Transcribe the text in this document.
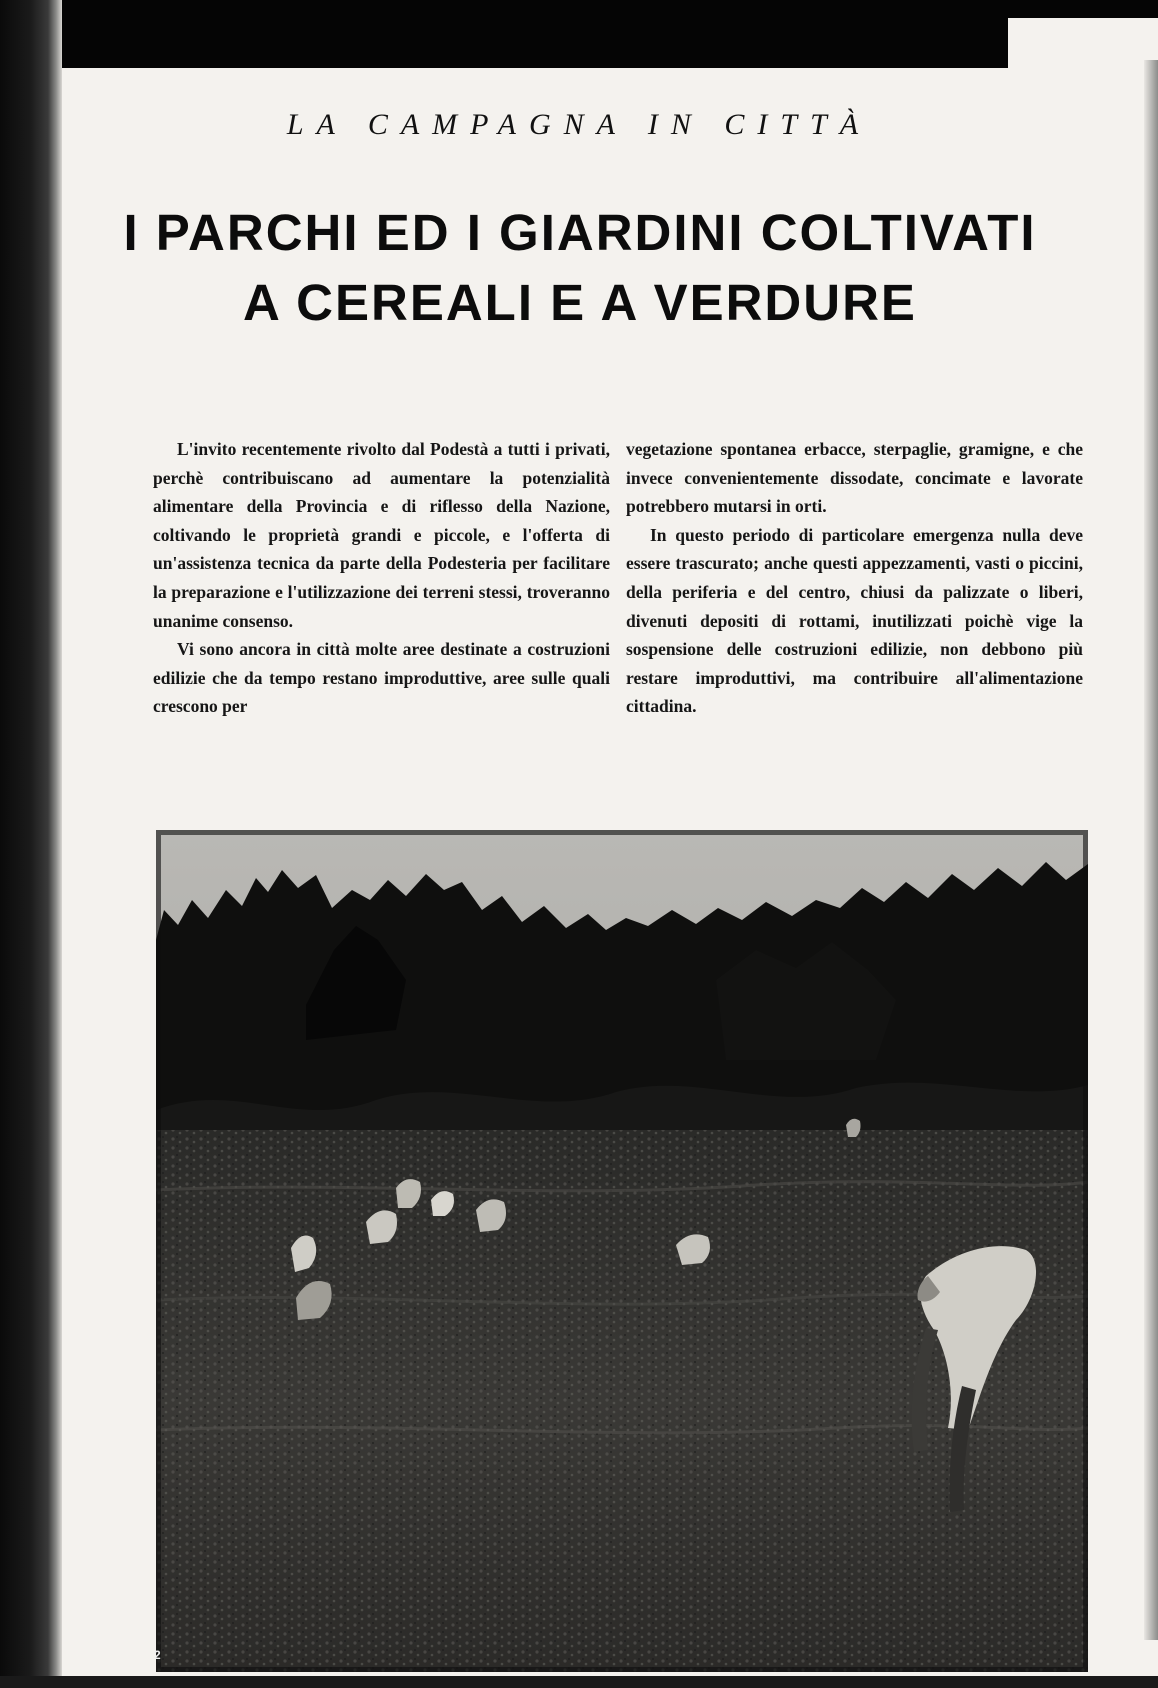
LA CAMPAGNA IN CITTÀ
I PARCHI ED I GIARDINI COLTIVATI
A CEREALI E A VERDURE

L'invito recentemente rivolto dal Podestà a tutti i privati, perchè contribuiscano ad aumentare la potenzialità alimentare della Provincia e di riflesso della Nazione, coltivando le proprietà grandi e piccole, e l'offerta di un'assistenza tecnica da parte della Podesteria per facilitare la preparazione e l'utilizzazione dei terreni stessi, troveranno unanime consenso.

Vi sono ancora in città molte aree destinate a costruzioni edilizie che da tempo restano improduttive, aree sulle quali crescono per

vegetazione spontanea erbacce, sterpaglie, gramigne, e che invece convenientemente dissodate, concimate e lavorate potrebbero mutarsi in orti.

In questo periodo di particolare emergenza nulla deve essere trascurato; anche questi appezzamenti, vasti o piccini, della periferia e del centro, chiusi da palizzate o liberi, divenuti depositi di rottami, inutilizzati poichè vige la sospensione delle costruzioni edilizie, non debbono più restare improduttivi, ma contribuire all'alimentazione cittadina.

2
